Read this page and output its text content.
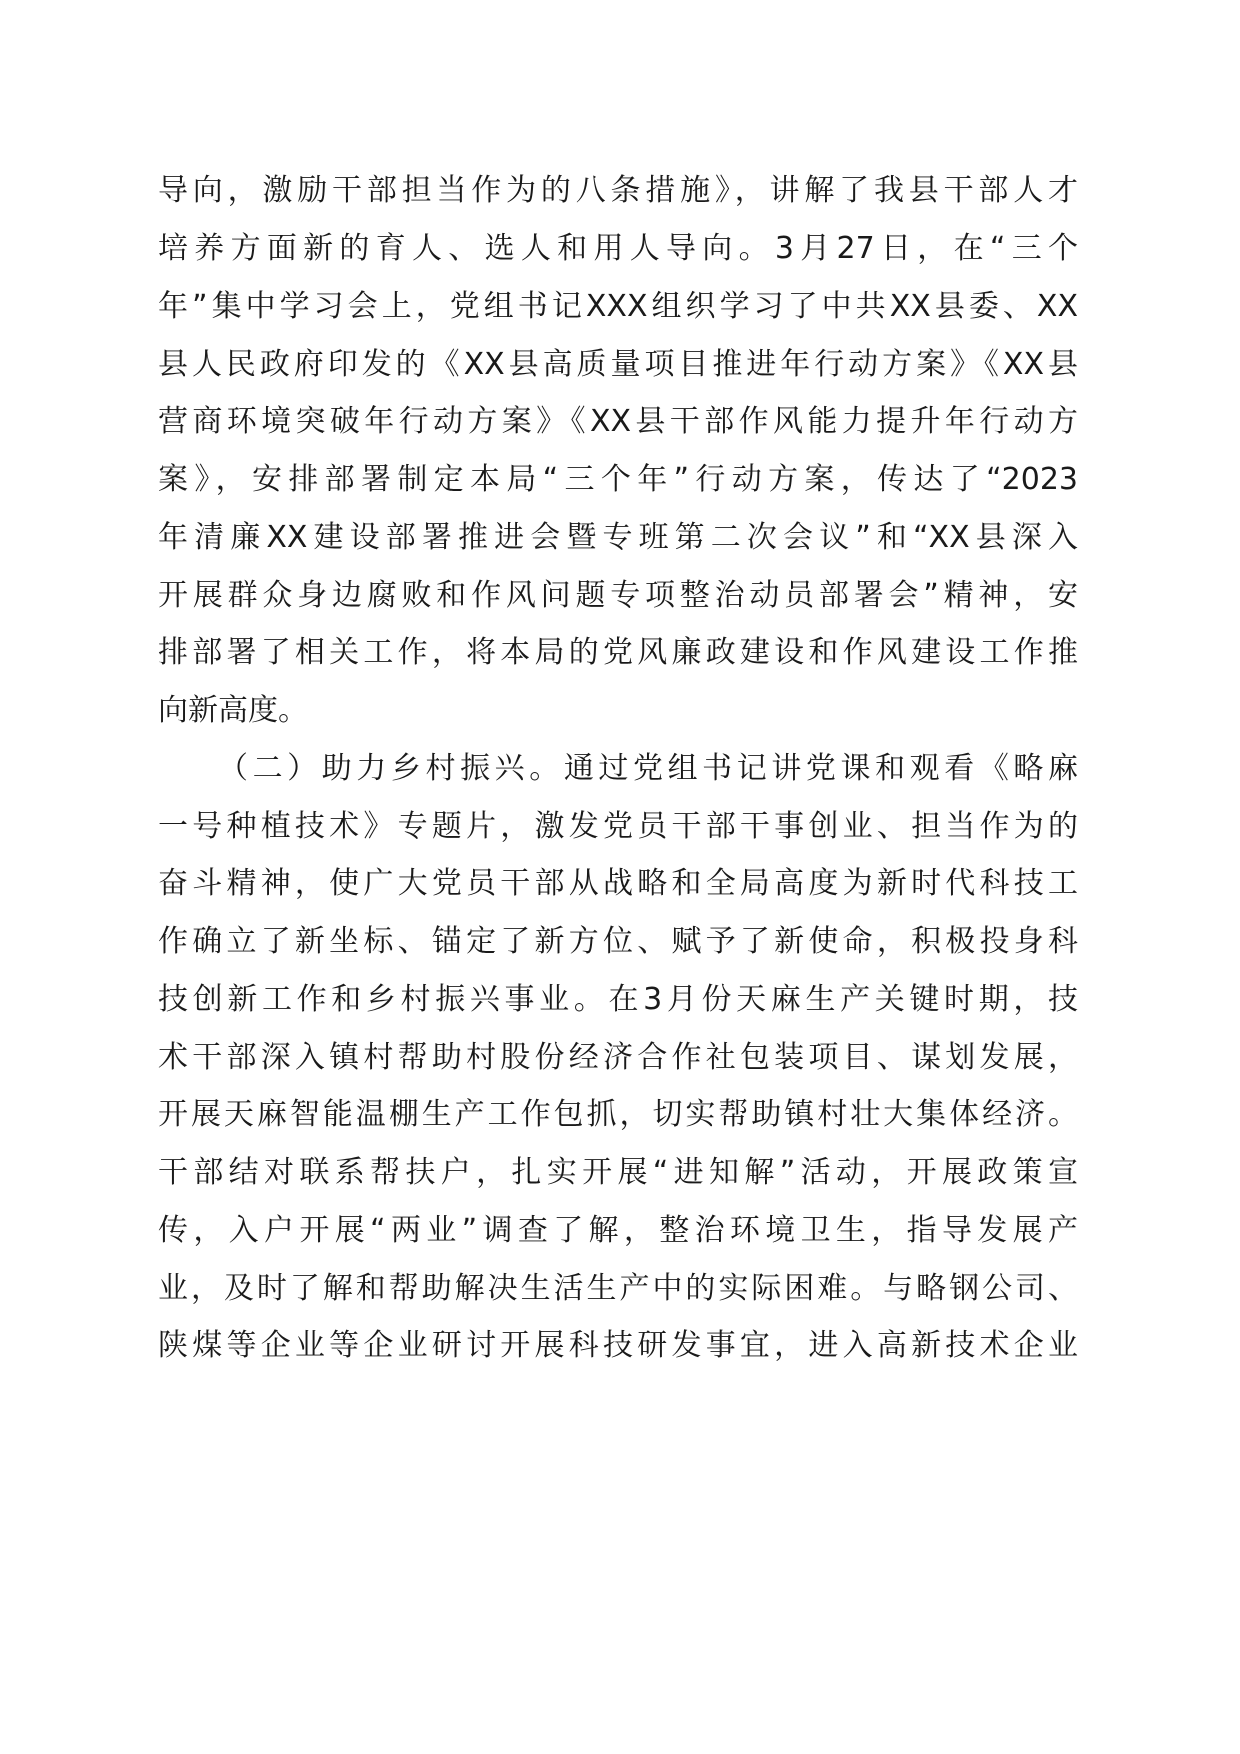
导向，激励干部担当作为的八条措施》，讲解了我县干部人才
培养方面新的育人、选人和用人导向。3月27日，在“三个
年”集中学习会上，党组书记XXX组织学习了中共XX县委、XX
县人民政府印发的《XX县高质量项目推进年行动方案》《XX县
营商环境突破年行动方案》《XX县干部作风能力提升年行动方
案》，安排部署制定本局“三个年”行动方案，传达了“2023
年清廉XX建设部署推进会暨专班第二次会议”和“XX县深入
开展群众身边腐败和作风问题专项整治动员部署会”精神，安
排部署了相关工作，将本局的党风廉政建设和作风建设工作推
向新高度。
（二）助力乡村振兴。通过党组书记讲党课和观看《略麻
一号种植技术》专题片，激发党员干部干事创业、担当作为的
奋斗精神，使广大党员干部从战略和全局高度为新时代科技工
作确立了新坐标、锚定了新方位、赋予了新使命，积极投身科
技创新工作和乡村振兴事业。在3月份天麻生产关键时期，技
术干部深入镇村帮助村股份经济合作社包装项目、谋划发展，
开展天麻智能温棚生产工作包抓，切实帮助镇村壮大集体经济。
干部结对联系帮扶户，扎实开展“进知解”活动，开展政策宣
传，入户开展“两业”调查了解，整治环境卫生，指导发展产
业，及时了解和帮助解决生活生产中的实际困难。与略钢公司、
陕煤等企业等企业研讨开展科技研发事宜，进入高新技术企业
